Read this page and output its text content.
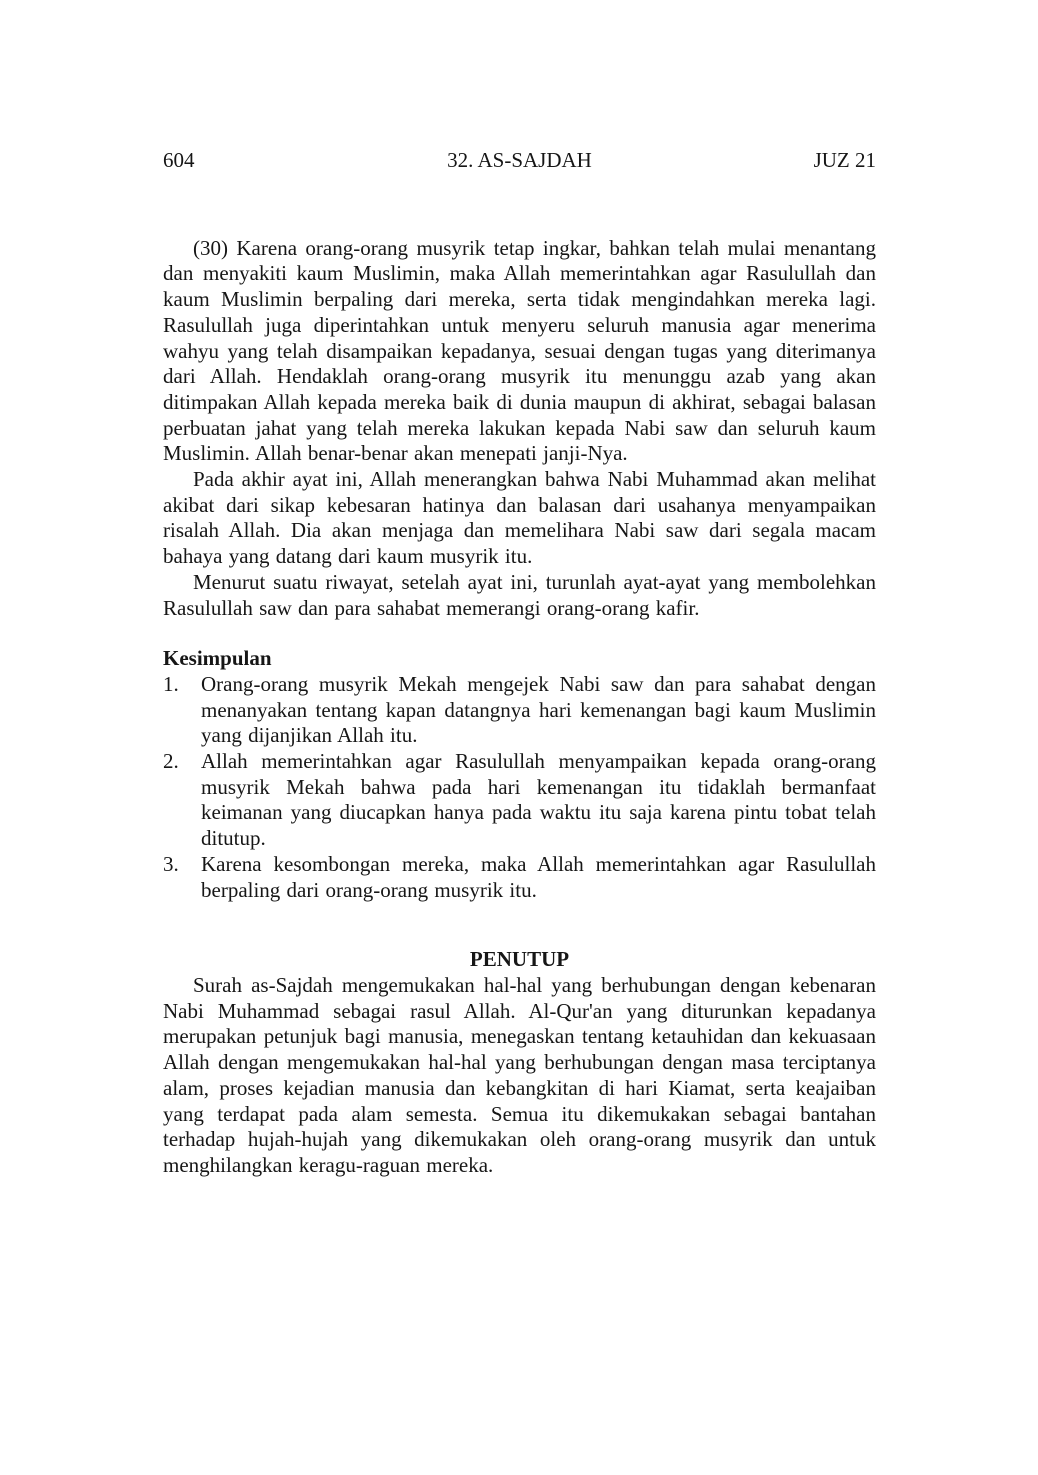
604	32. AS-SAJDAH	JUZ 21

(30) Karena orang-orang musyrik tetap ingkar, bahkan telah mulai menantang dan menyakiti kaum Muslimin, maka Allah memerintahkan agar Rasulullah dan kaum Muslimin berpaling dari mereka, serta tidak mengindahkan mereka lagi. Rasulullah juga diperintahkan untuk menyeru seluruh manusia agar menerima wahyu yang telah disampaikan kepadanya, sesuai dengan tugas yang diterimanya dari Allah. Hendaklah orang-orang musyrik itu menunggu azab yang akan ditimpakan Allah kepada mereka baik di dunia maupun di akhirat, sebagai balasan perbuatan jahat yang telah mereka lakukan kepada Nabi saw dan seluruh kaum Muslimin. Allah benar-benar akan menepati janji-Nya.

Pada akhir ayat ini, Allah menerangkan bahwa Nabi Muhammad akan melihat akibat dari sikap kebesaran hatinya dan balasan dari usahanya menyampaikan risalah Allah. Dia akan menjaga dan memelihara Nabi saw dari segala macam bahaya yang datang dari kaum musyrik itu.

Menurut suatu riwayat, setelah ayat ini, turunlah ayat-ayat yang membolehkan Rasulullah saw dan para sahabat memerangi orang-orang kafir.

Kesimpulan
1. Orang-orang musyrik Mekah mengejek Nabi saw dan para sahabat dengan menanyakan tentang kapan datangnya hari kemenangan bagi kaum Muslimin yang dijanjikan Allah itu.
2. Allah memerintahkan agar Rasulullah menyampaikan kepada orang-orang musyrik Mekah bahwa pada hari kemenangan itu tidaklah bermanfaat keimanan yang diucapkan hanya pada waktu itu saja karena pintu tobat telah ditutup.
3. Karena kesombongan mereka, maka Allah memerintahkan agar Rasulullah berpaling dari orang-orang musyrik itu.
PENUTUP

Surah as-Sajdah mengemukakan hal-hal yang berhubungan dengan kebenaran Nabi Muhammad sebagai rasul Allah. Al-Qur'an yang diturunkan kepadanya merupakan petunjuk bagi manusia, menegaskan tentang ketauhidan dan kekuasaan Allah dengan mengemukakan hal-hal yang berhubungan dengan masa terciptanya alam, proses kejadian manusia dan kebangkitan di hari Kiamat, serta keajaiban yang terdapat pada alam semesta. Semua itu dikemukakan sebagai bantahan terhadap hujah-hujah yang dikemukakan oleh orang-orang musyrik dan untuk menghilangkan keragu-raguan mereka.
